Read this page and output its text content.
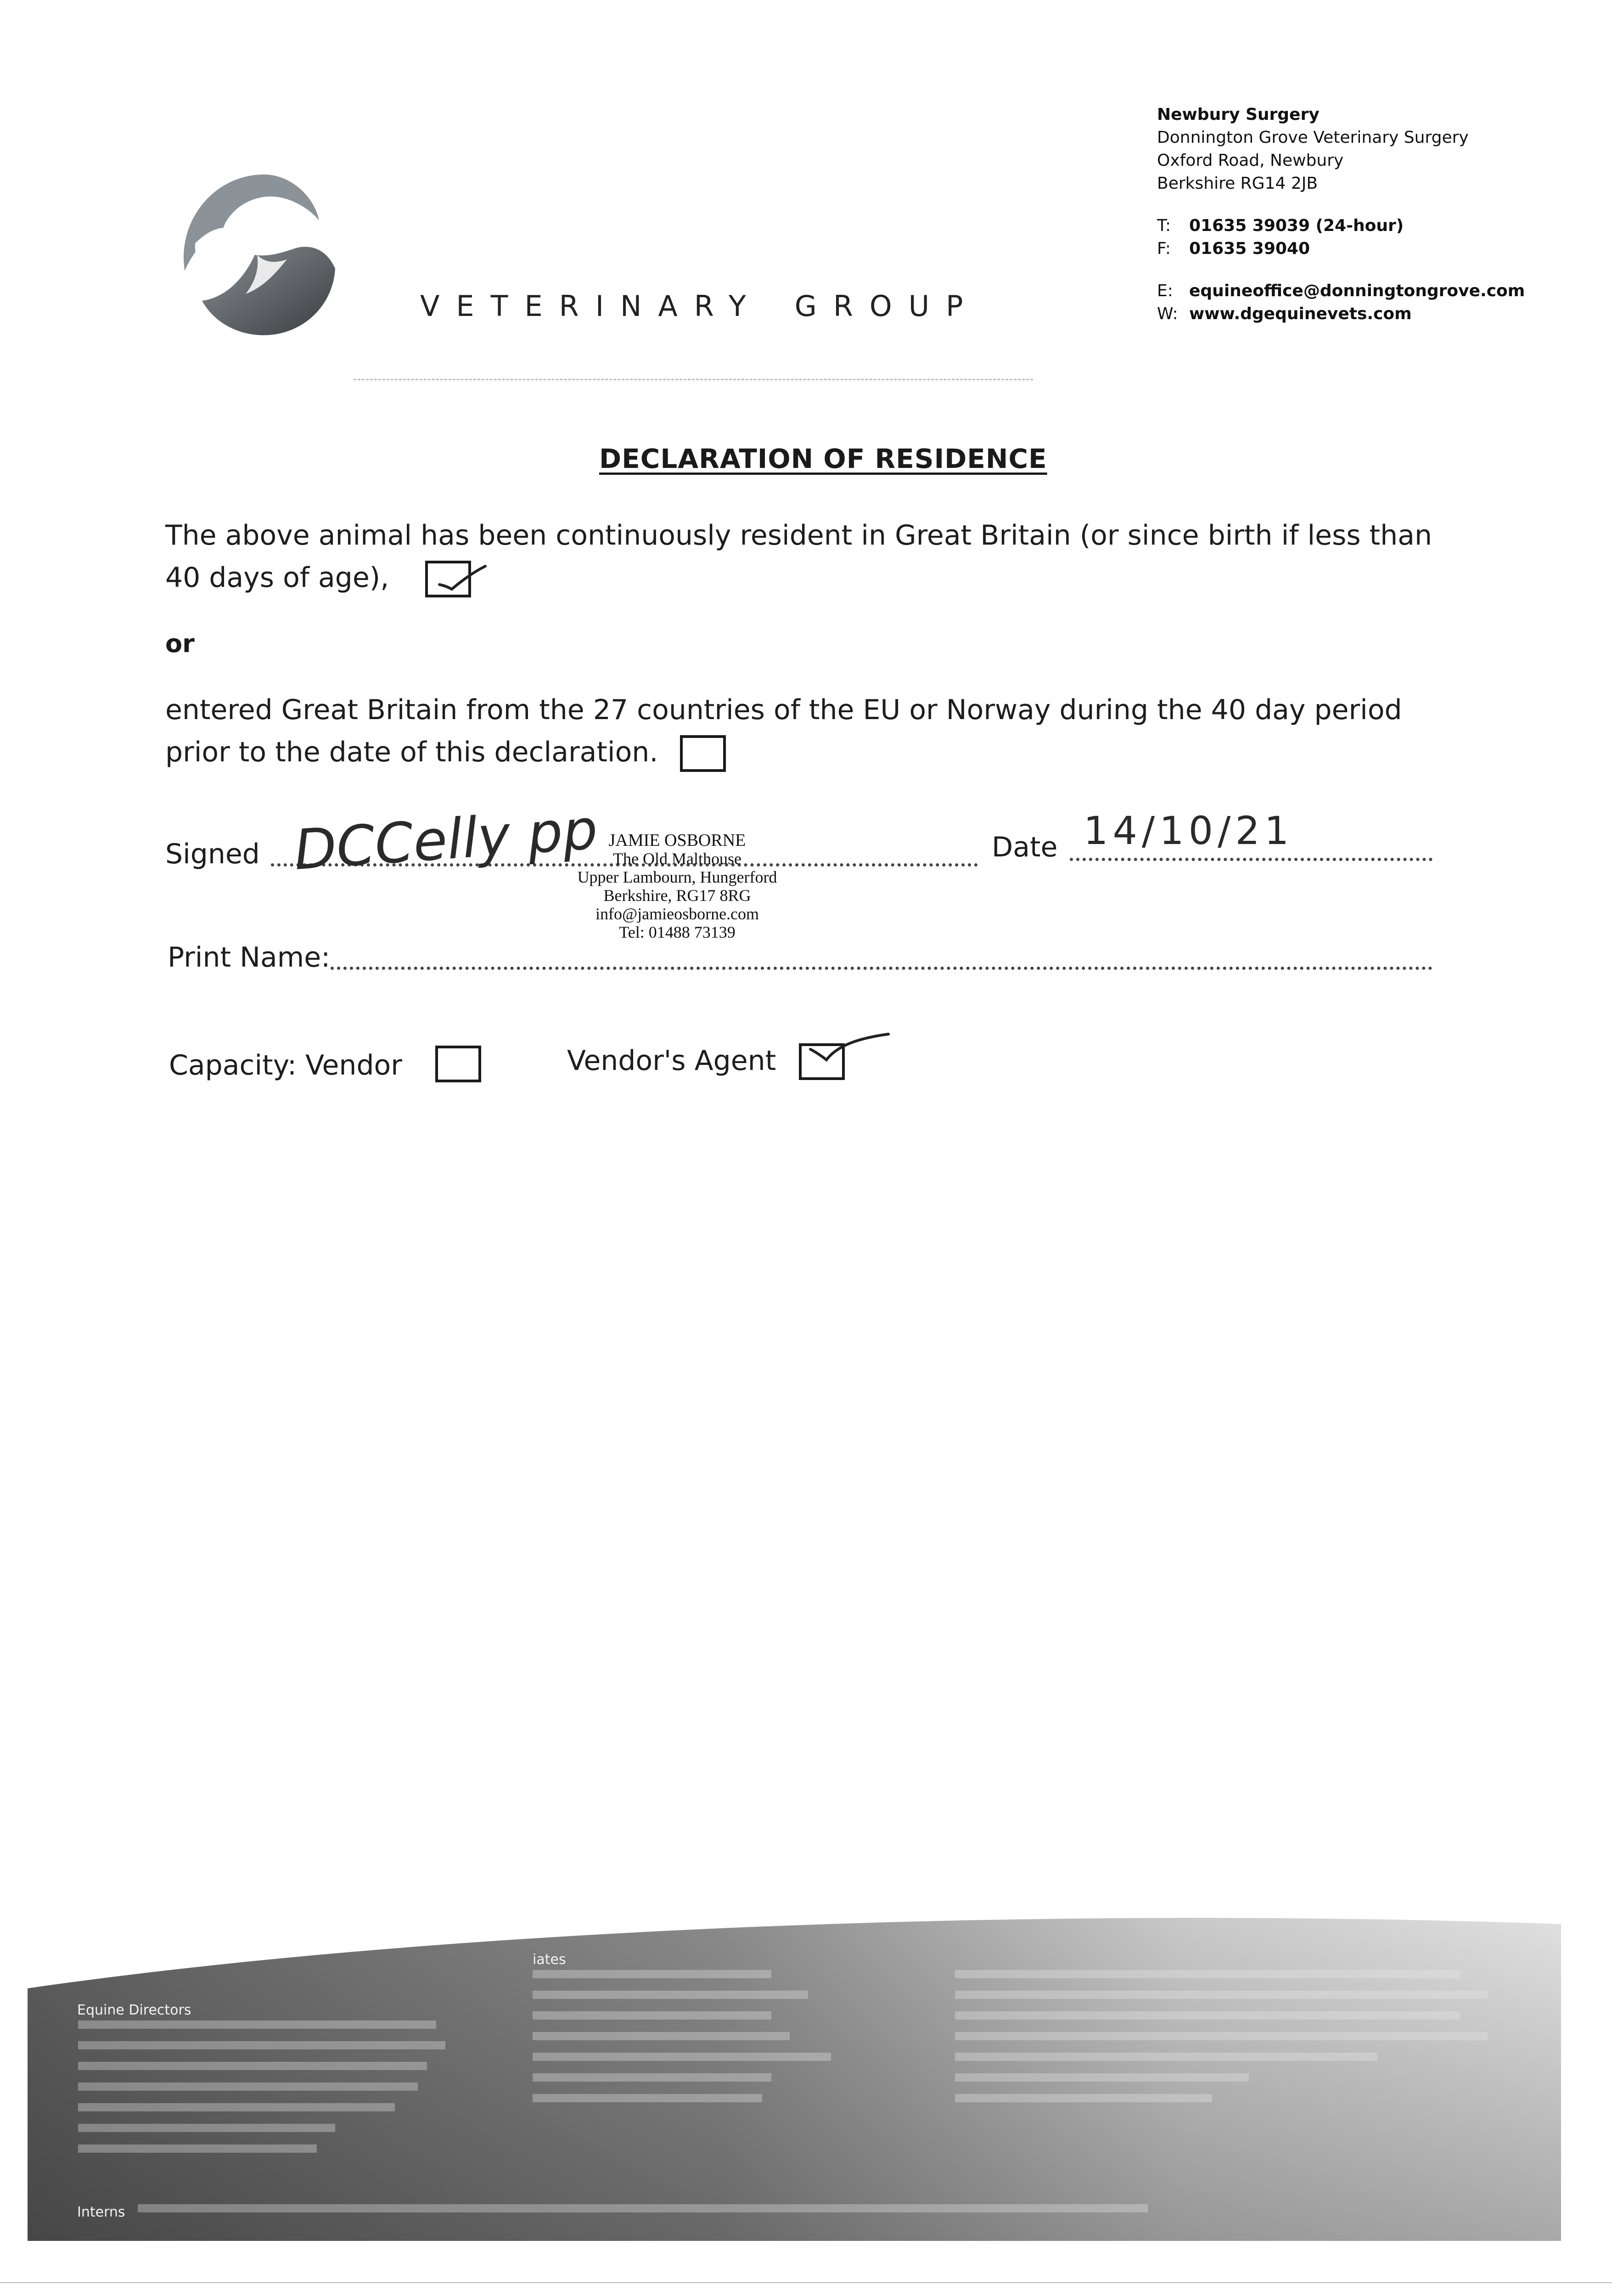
VETERINARY GROUP
Newbury Surgery
Donnington Grove Veterinary Surgery
Oxford Road, Newbury
Berkshire RG14 2JB
T: 01635 39039 (24-hour)
F: 01635 39040
E: equineoffice@donningtongrove.com
W: www.dgequinevets.com
DECLARATION OF RESIDENCE
The above animal has been continuously resident in Great Britain (or since birth if less than
40 days of age),
or
entered Great Britain from the 27 countries of the EU or Norway during the 40 day period
prior to the date of this declaration.
Signed DCCelly pp JAMIE OSBORNE
The Old Malthouse
Upper Lambourn, Hungerford
Berkshire, RG17 8RG
info@jamieosborne.com
Tel: 01488 73139
Date 14/10/21
Print Name:
Capacity: Vendor	Vendor's Agent
Equine Directors
iates
Interns
